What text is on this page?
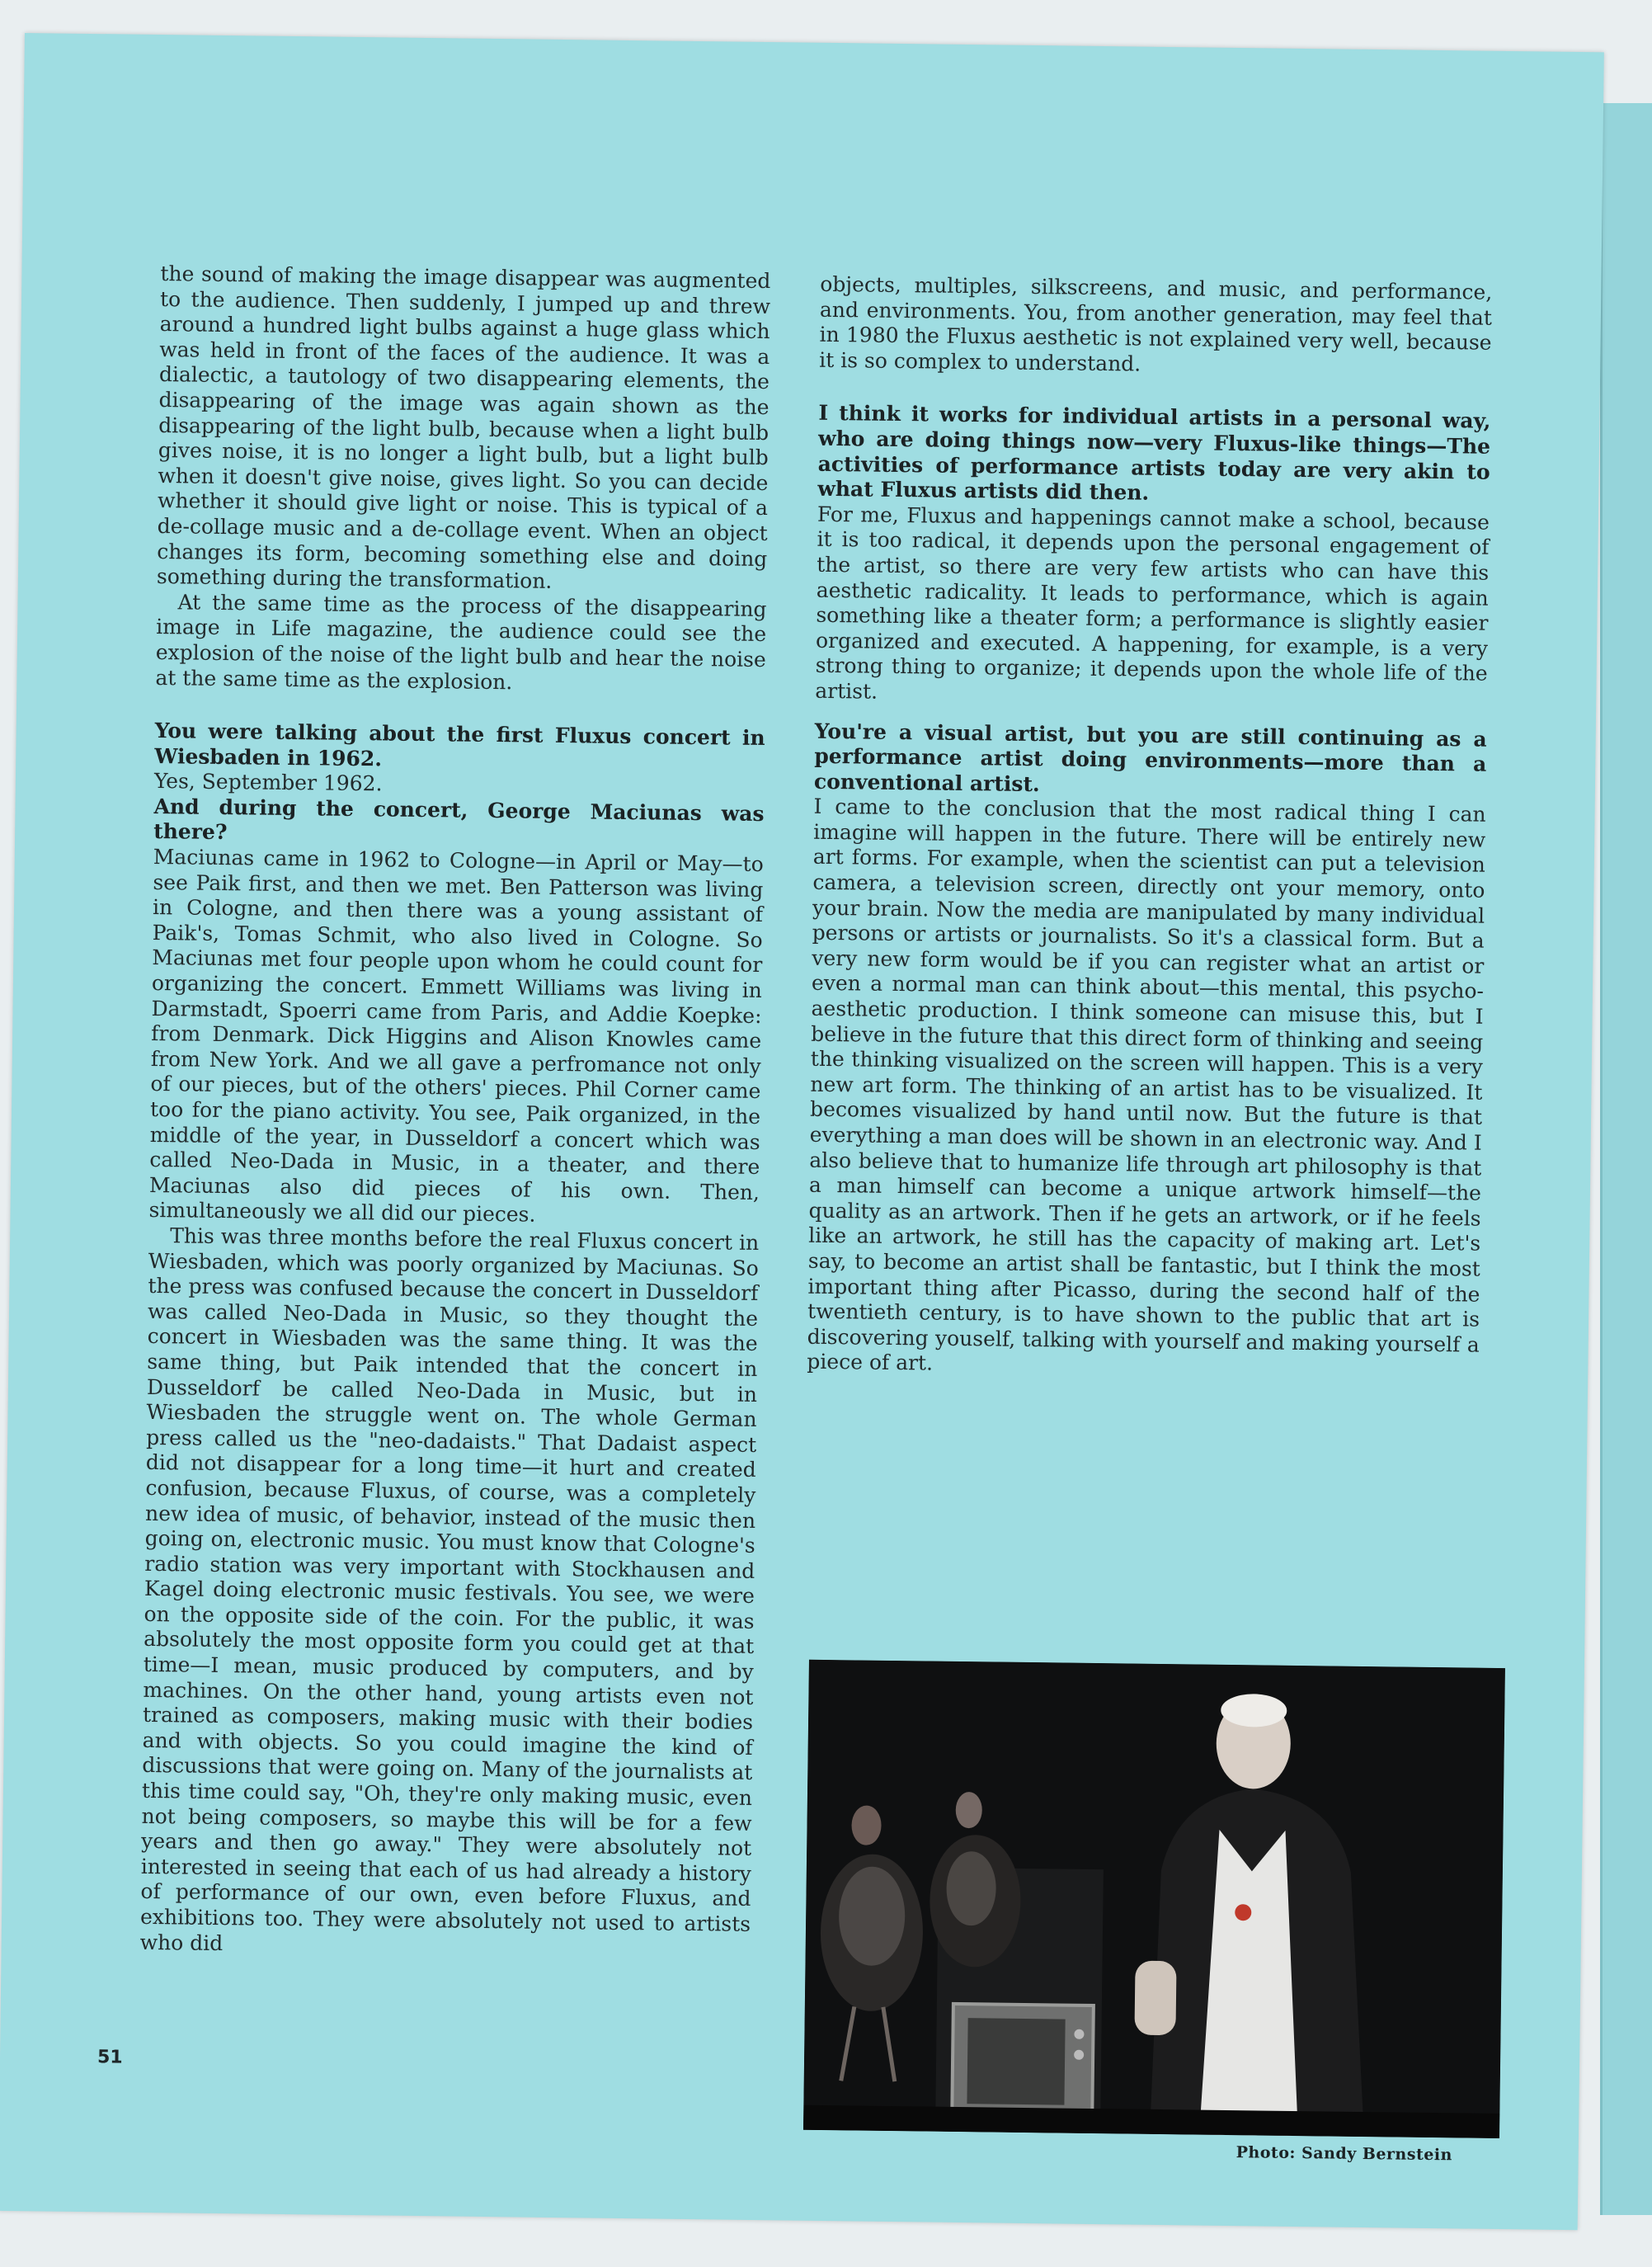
the sound of making the image disappear was augmented to the audience. Then suddenly, I jumped up and threw around a hundred light bulbs against a huge glass which was held in front of the faces of the audience. It was a dialectic, a tautology of two disappearing elements, the disappearing of the image was again shown as the disappearing of the light bulb, because when a light bulb gives noise, it is no longer a light bulb, but a light bulb when it doesn't give noise, gives light. So you can decide whether it should give light or noise. This is typical of a de-collage music and a de-collage event. When an object changes its form, becoming something else and doing something during the transformation.

At the same time as the process of the disappearing image in Life magazine, the audience could see the explosion of the noise of the light bulb and hear the noise at the same time as the explosion.

You were talking about the first Fluxus concert in Wiesbaden in 1962.

Yes, September 1962.

And during the concert, George Maciunas was there?

Maciunas came in 1962 to Cologne—in April or May—to see Paik first, and then we met. Ben Patterson was living in Cologne, and then there was a young assistant of Paik's, Tomas Schmit, who also lived in Cologne. So Maciunas met four people upon whom he could count for organizing the concert. Emmett Williams was living in Darmstadt, Spoerri came from Paris, and Addie Koepke: from Denmark. Dick Higgins and Alison Knowles came from New York. And we all gave a perfromance not only of our pieces, but of the others' pieces. Phil Corner came too for the piano activity. You see, Paik organized, in the middle of the year, in Dusseldorf a concert which was called Neo-Dada in Music, in a theater, and there Maciunas also did pieces of his own. Then, simultaneously we all did our pieces.

This was three months before the real Fluxus concert in Wiesbaden, which was poorly organized by Maciunas. So the press was confused because the concert in Dusseldorf was called Neo-Dada in Music, so they thought the concert in Wiesbaden was the same thing. It was the same thing, but Paik intended that the concert in Dusseldorf be called Neo-Dada in Music, but in Wiesbaden the struggle went on. The whole German press called us the "neo-dadaists." That Dadaist aspect did not disappear for a long time—it hurt and created confusion, because Fluxus, of course, was a completely new idea of music, of behavior, instead of the music then going on, electronic music. You must know that Cologne's radio station was very important with Stockhausen and Kagel doing electronic music festivals. You see, we were on the opposite side of the coin. For the public, it was absolutely the most opposite form you could get at that time—I mean, music produced by computers, and by machines. On the other hand, young artists even not trained as composers, making music with their bodies and with objects. So you could imagine the kind of discussions that were going on. Many of the journalists at this time could say, "Oh, they're only making music, even not being composers, so maybe this will be for a few years and then go away." They were absolutely not interested in seeing that each of us had already a history of performance of our own, even before Fluxus, and exhibitions too. They were absolutely not used to artists who did

objects, multiples, silkscreens, and music, and performance, and environments. You, from another generation, may feel that in 1980 the Fluxus aesthetic is not explained very well, because it is so complex to understand.

I think it works for individual artists in a personal way, who are doing things now—very Fluxus-like things—The activities of performance artists today are very akin to what Fluxus artists did then.

For me, Fluxus and happenings cannot make a school, because it is too radical, it depends upon the personal engagement of the artist, so there are very few artists who can have this aesthetic radicality. It leads to performance, which is again something like a theater form; a performance is slightly easier organized and executed. A happening, for example, is a very strong thing to organize; it depends upon the whole life of the artist.

You're a visual artist, but you are still continuing as a performance artist doing environments—more than a conventional artist.

I came to the conclusion that the most radical thing I can imagine will happen in the future. There will be entirely new art forms. For example, when the scientist can put a television camera, a television screen, directly ont your memory, onto your brain. Now the media are manipulated by many individual persons or artists or journalists. So it's a classical form. But a very new form would be if you can register what an artist or even a normal man can think about—this mental, this psycho-aesthetic production. I think someone can misuse this, but I believe in the future that this direct form of thinking and seeing the thinking visualized on the screen will happen. This is a very new art form. The thinking of an artist has to be visualized. It becomes visualized by hand until now. But the future is that everything a man does will be shown in an electronic way. And I also believe that to humanize life through art philosophy is that a man himself can become a unique artwork himself—the quality as an artwork. Then if he gets an artwork, or if he feels like an artwork, he still has the capacity of making art. Let's say, to become an artist shall be fantastic, but I think the most important thing after Picasso, during the second half of the twentieth century, is to have shown to the public that art is discovering youself, talking with yourself and making yourself a piece of art.

Photo: Sandy Bernstein
51
